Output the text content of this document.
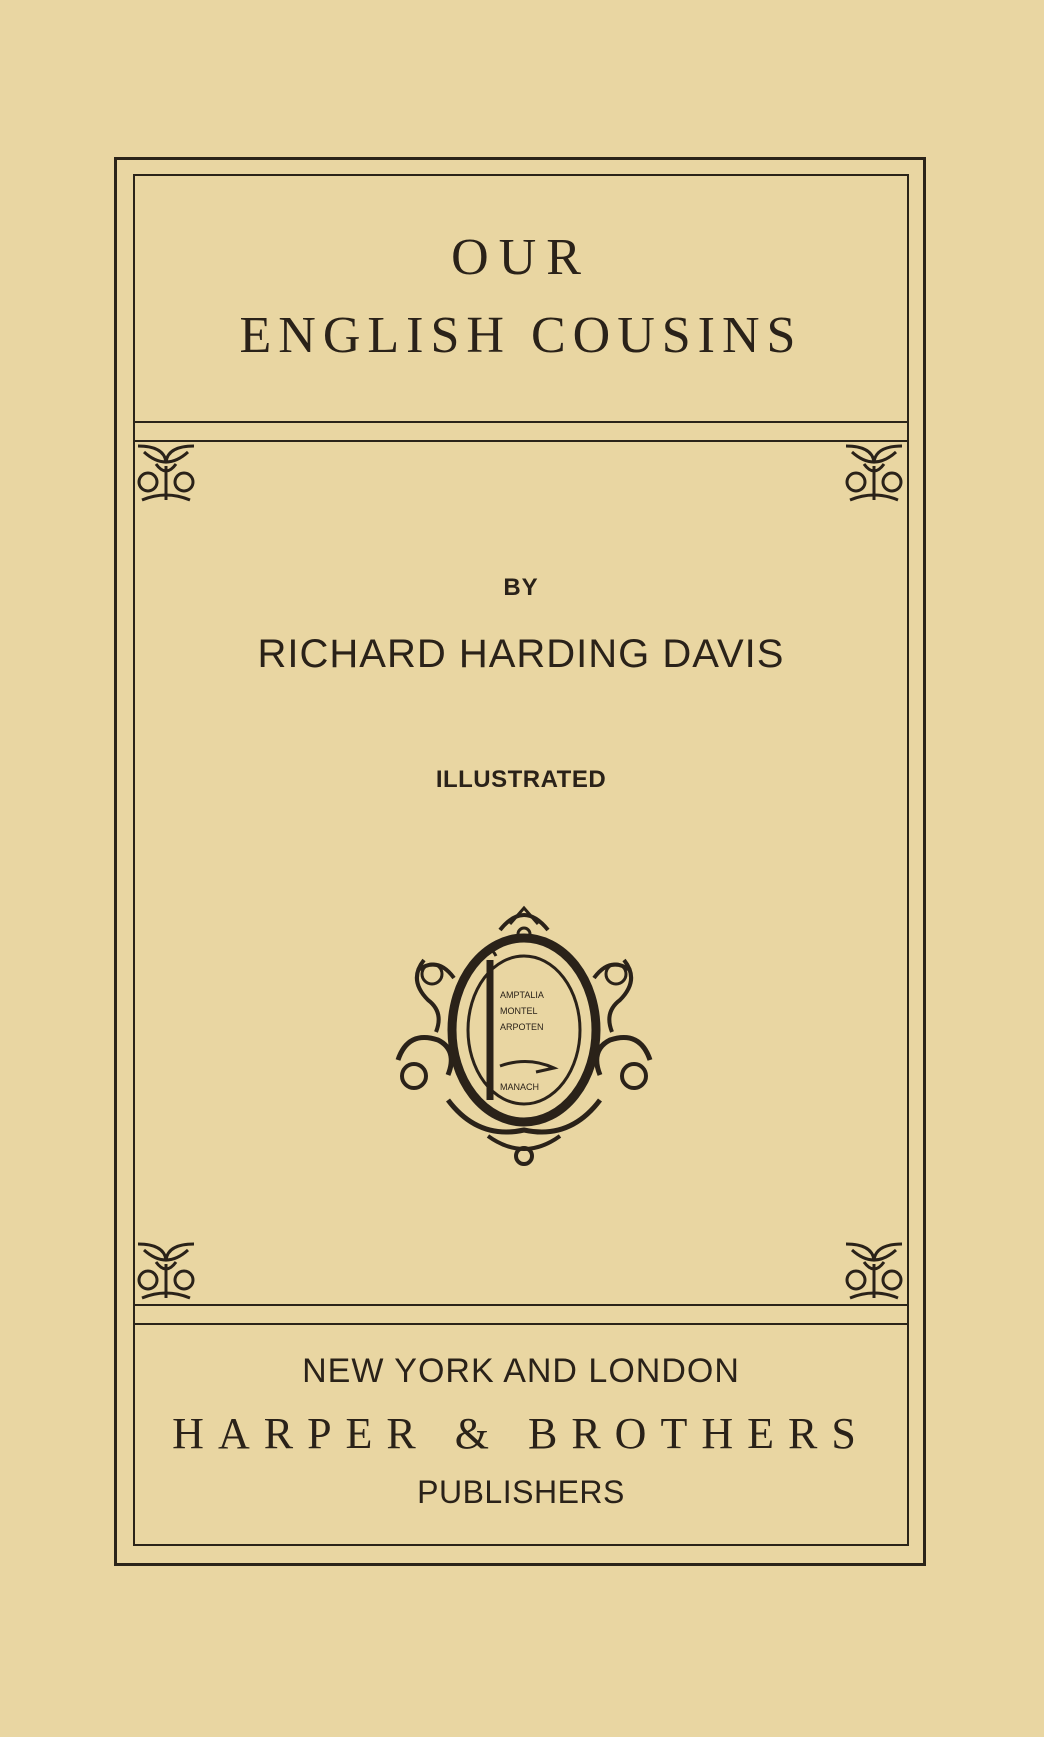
OUR
ENGLISH COUSINS

BY

RICHARD HARDING DAVIS

ILLUSTRATED

AMPTALIA
MONTEL
ARPOTEN
MANACH

NEW YORK AND LONDON

HARPER & BROTHERS

PUBLISHERS
